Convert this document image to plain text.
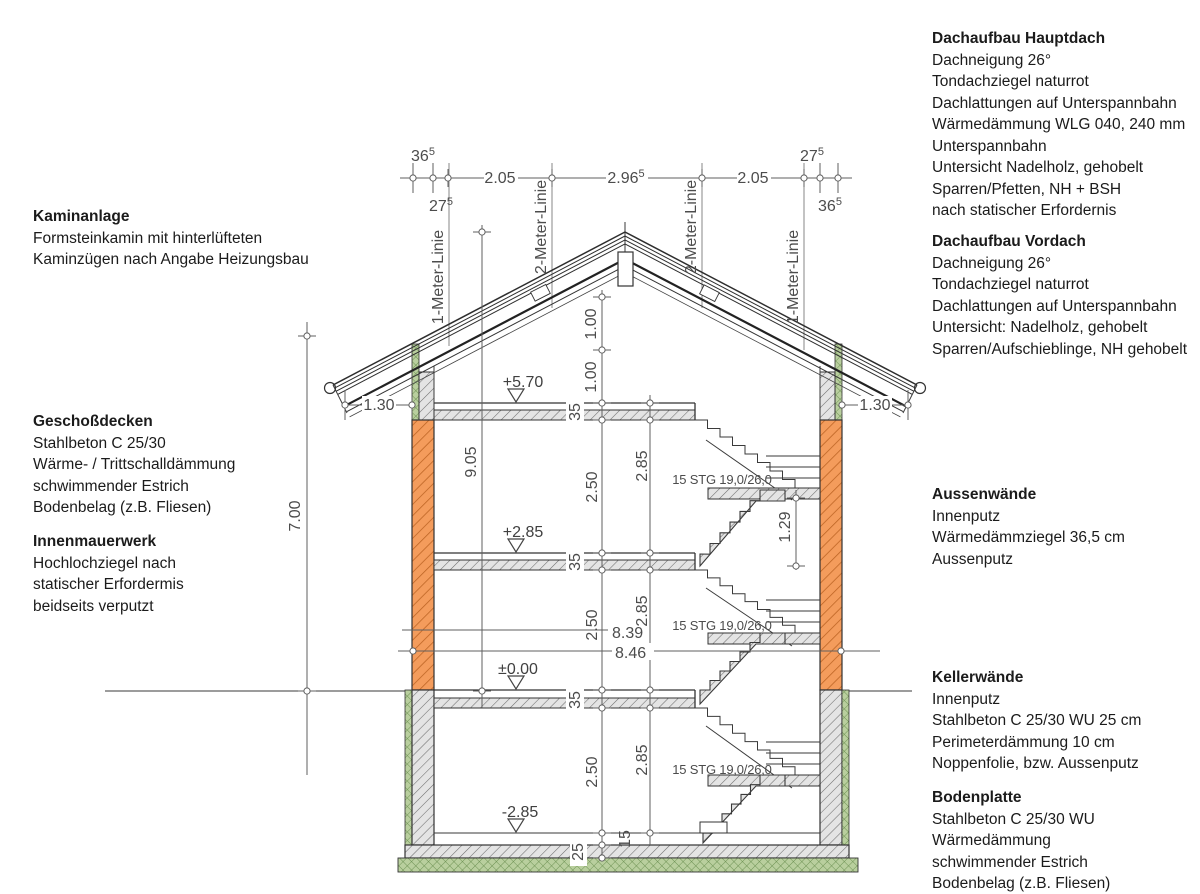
$36^5$
$27^5$
2.05	2.96$^5$	2.05
$27^5$
$36^5$
1-Meter-Linie
2-Meter-Linie	2-Meter-Linie
1-Meter-Linie
1.30	1.30
7.00
9.05
1.00
1.00
35
35
35
2.50
2.50
2.50
2.85
2.85
2.85
8.39
8.46
1.29
25
15
15 STG 19,0/26,0
15 STG 19,0/26,0
15 STG 19,0/26,0
+5.70
+2.85
±0.00
-2.85
Kaminanlage
Formsteinkamin mit hinterlüfteten
Kaminzügen nach Angabe Heizungsbau
Geschoßdecken
Stahlbeton C 25/30
Wärme- / Trittschalldämmung
schwimmender Estrich
Bodenbelag (z.B. Fliesen)
Innenmauerwerk
Hochlochziegel nach
statischer Erfordermis
beidseits verputzt
Dachaufbau Hauptdach
Dachneigung 26°
Tondachziegel naturrot
Dachlattungen auf Unterspannbahn
Wärmedämmung WLG 040, 240 mm
Unterspannbahn
Untersicht Nadelholz, gehobelt
Sparren/Pfetten, NH + BSH
nach statischer Erfordernis
Dachaufbau Vordach
Dachneigung 26°
Tondachziegel naturrot
Dachlattungen auf Unterspannbahn
Untersicht: Nadelholz, gehobelt
Sparren/Aufschieblinge, NH gehobelt
Aussenwände
Innenputz
Wärmedämmziegel 36,5 cm
Aussenputz
Kellerwände
Innenputz
Stahlbeton C 25/30 WU 25 cm
Perimeterdämmung 10 cm
Noppenfolie, bzw. Aussenputz
Bodenplatte
Stahlbeton C 25/30 WU
Wärmedämmung
schwimmender Estrich
Bodenbelag (z.B. Fliesen)
